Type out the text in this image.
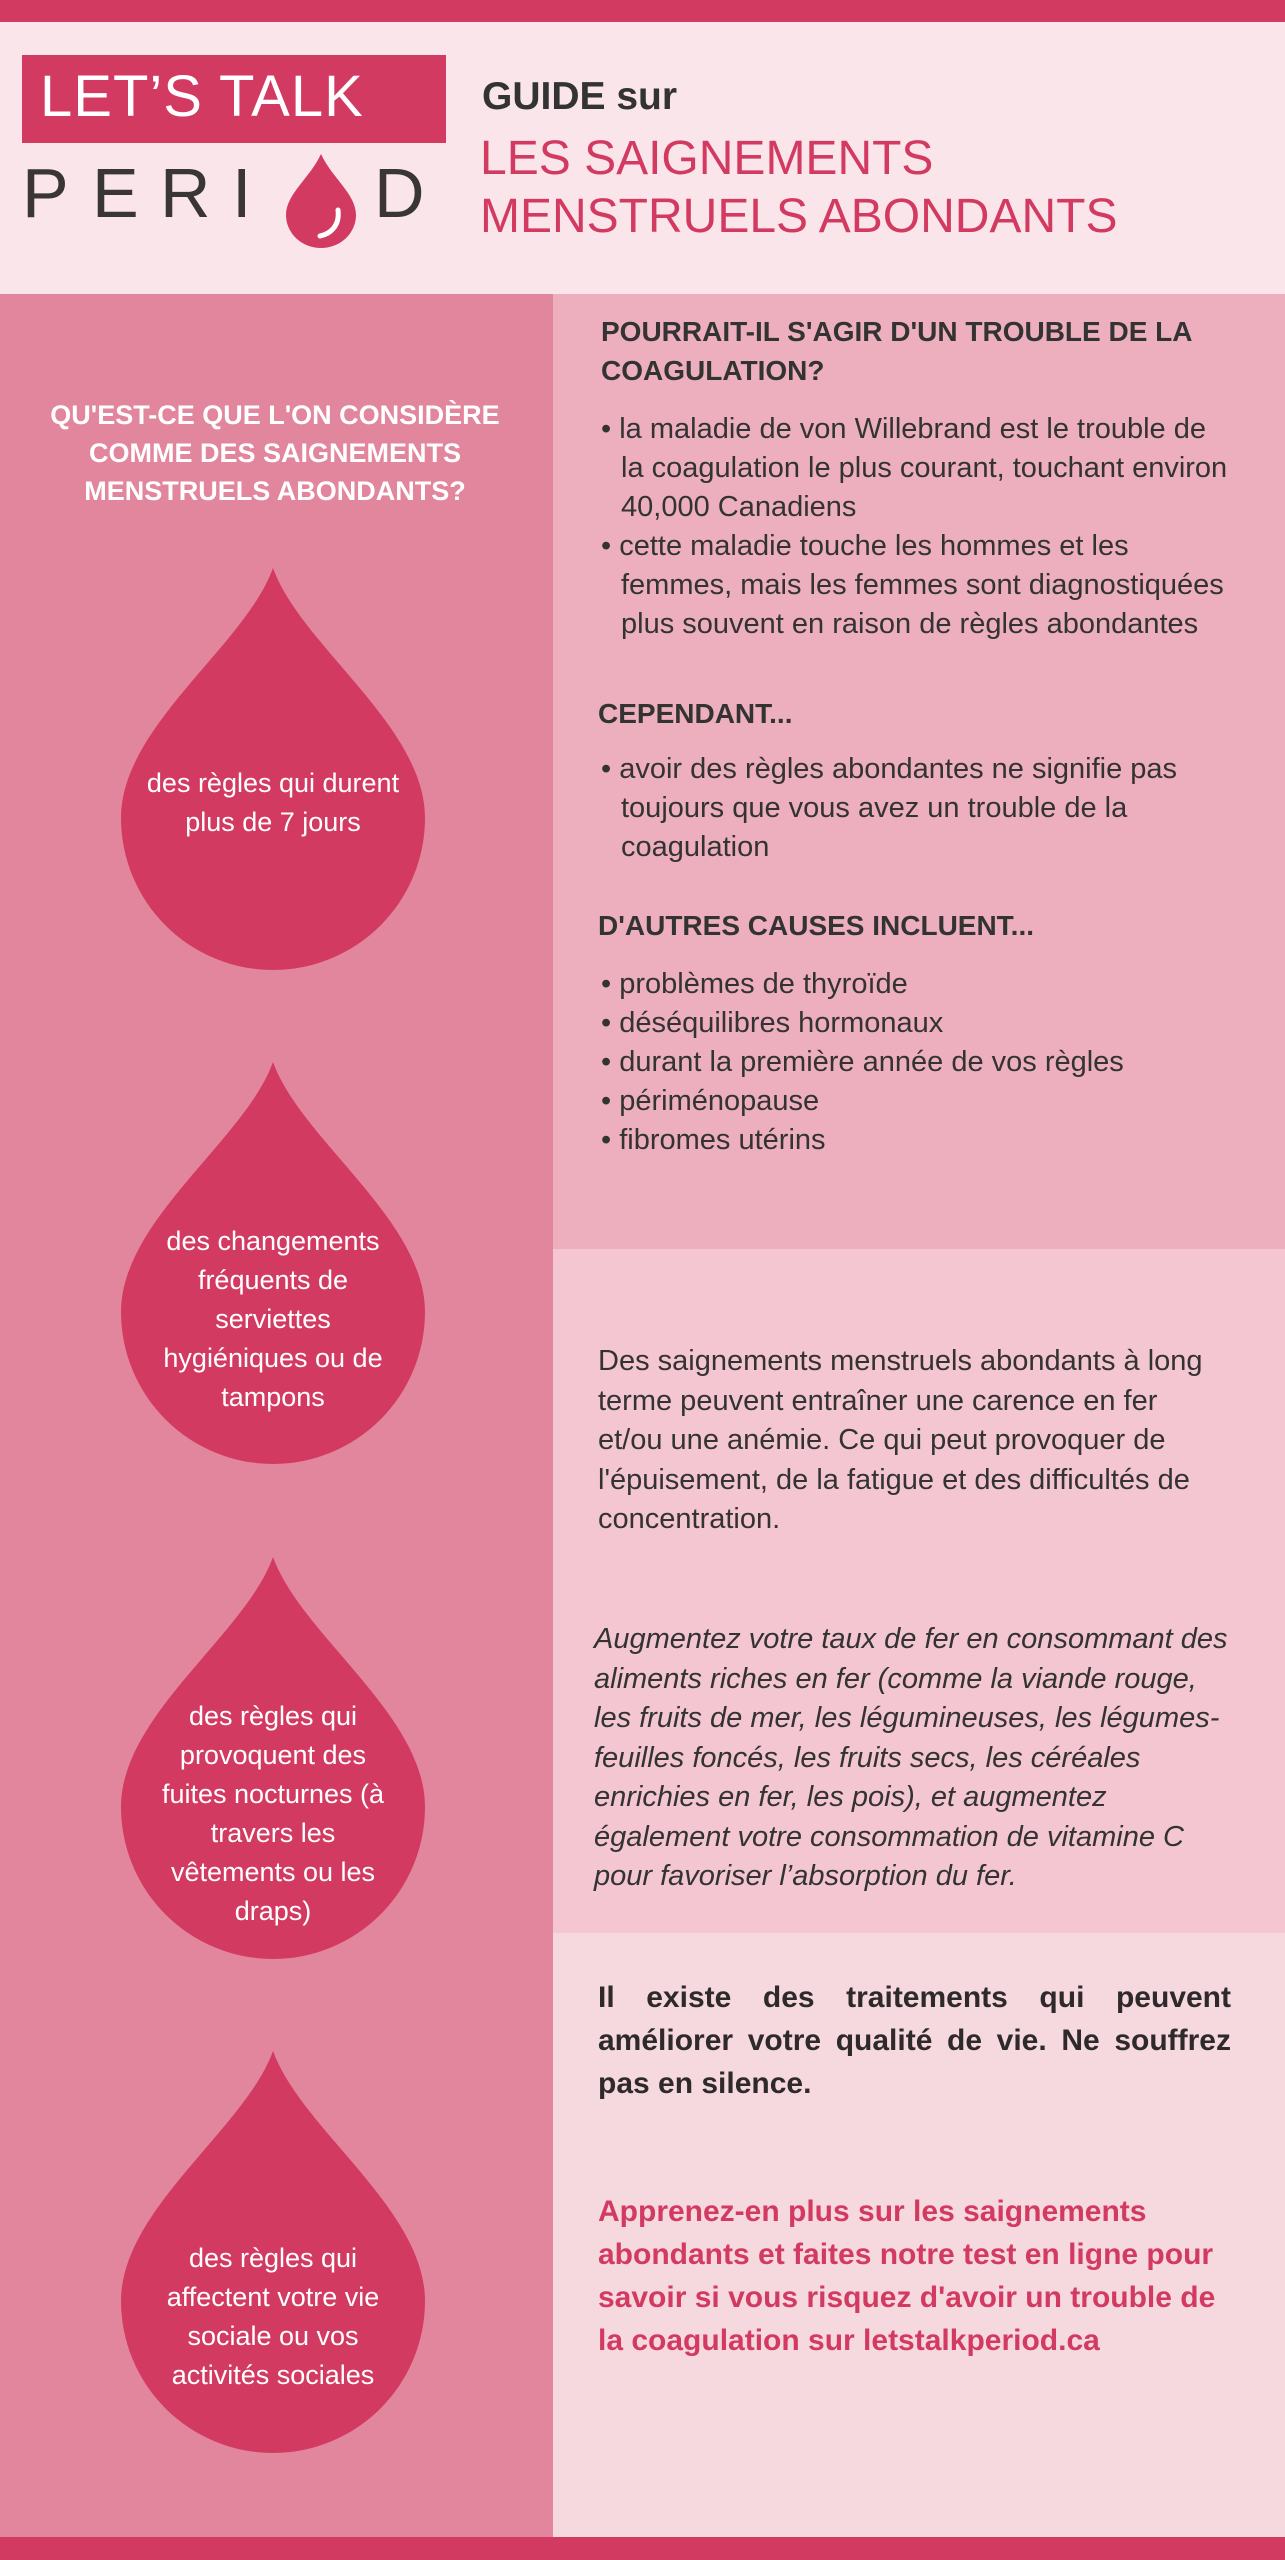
LET’S TALK
P E R I D
GUIDE sur
LES SAIGNEMENTS MENSTRUELS ABONDANTS
QU'EST-CE QUE L'ON CONSIDÈRE COMME DES SAIGNEMENTS MENSTRUELS ABONDANTS?
des règles qui durent plus de 7 jours
des changements fréquents de serviettes hygiéniques ou de tampons
des règles qui provoquent des fuites nocturnes (à travers les vêtements ou les draps)
des règles qui affectent votre vie sociale ou vos activités sociales
POURRAIT-IL S'AGIR D'UN TROUBLE DE LA COAGULATION?
• la maladie de von Willebrand est le trouble de la coagulation le plus courant, touchant environ 40,000 Canadiens
• cette maladie touche les hommes et les femmes, mais les femmes sont diagnostiquées plus souvent en raison de règles abondantes
CEPENDANT...
• avoir des règles abondantes ne signifie pas toujours que vous avez un trouble de la coagulation
D'AUTRES CAUSES INCLUENT...
• problèmes de thyroïde
• déséquilibres hormonaux
• durant la première année de vos règles
• périménopause
• fibromes utérins
Des saignements menstruels abondants à long terme peuvent entraîner une carence en fer et/ou une anémie. Ce qui peut provoquer de l'épuisement, de la fatigue et des difficultés de concentration.
Augmentez votre taux de fer en consommant des aliments riches en fer (comme la viande rouge, les fruits de mer, les légumineuses, les légumes-feuilles foncés, les fruits secs, les céréales enrichies en fer, les pois), et augmentez également votre consommation de vitamine C pour favoriser l’absorption du fer.
Il existe des traitements qui peuvent améliorer votre qualité de vie. Ne souffrez pas en silence.
Apprenez-en plus sur les saignements abondants et faites notre test en ligne pour savoir si vous risquez d'avoir un trouble de la coagulation sur letstalkperiod.ca
